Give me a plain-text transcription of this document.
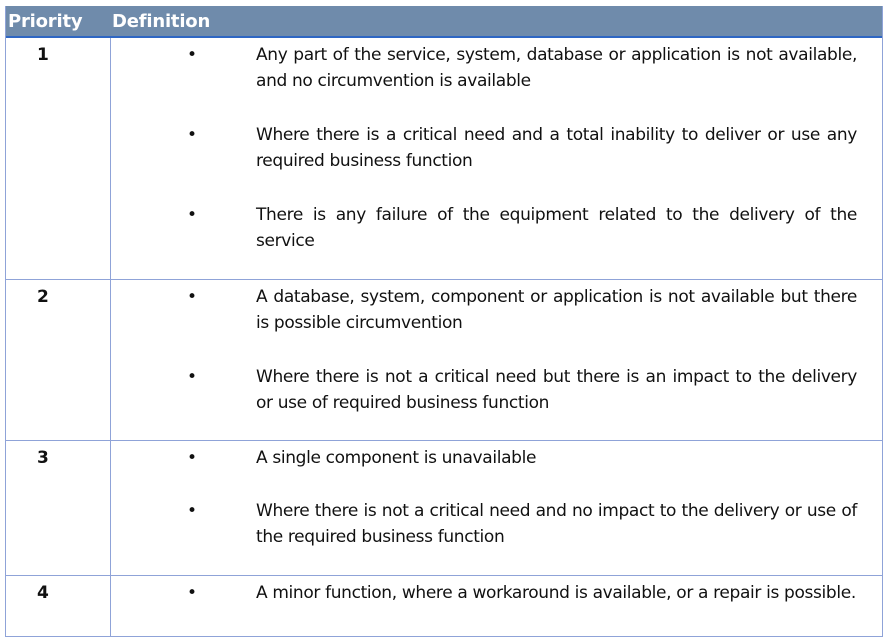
Priority Definition
1	•	Any part of the service, system, database or application is not available, and no circumvention is available
•	Where there is a critical need and a total inability to deliver or use any required business function
•	There is any failure of the equipment related to the delivery of the service
2	•	A database, system, component or application is not available but there is possible circumvention
•	Where there is not a critical need but there is an impact to the delivery or use of required business function
3	•	A single component is unavailable
•	Where there is not a critical need and no impact to the delivery or use of the required business function
4	•	A minor function, where a workaround is available, or a repair is possible.
